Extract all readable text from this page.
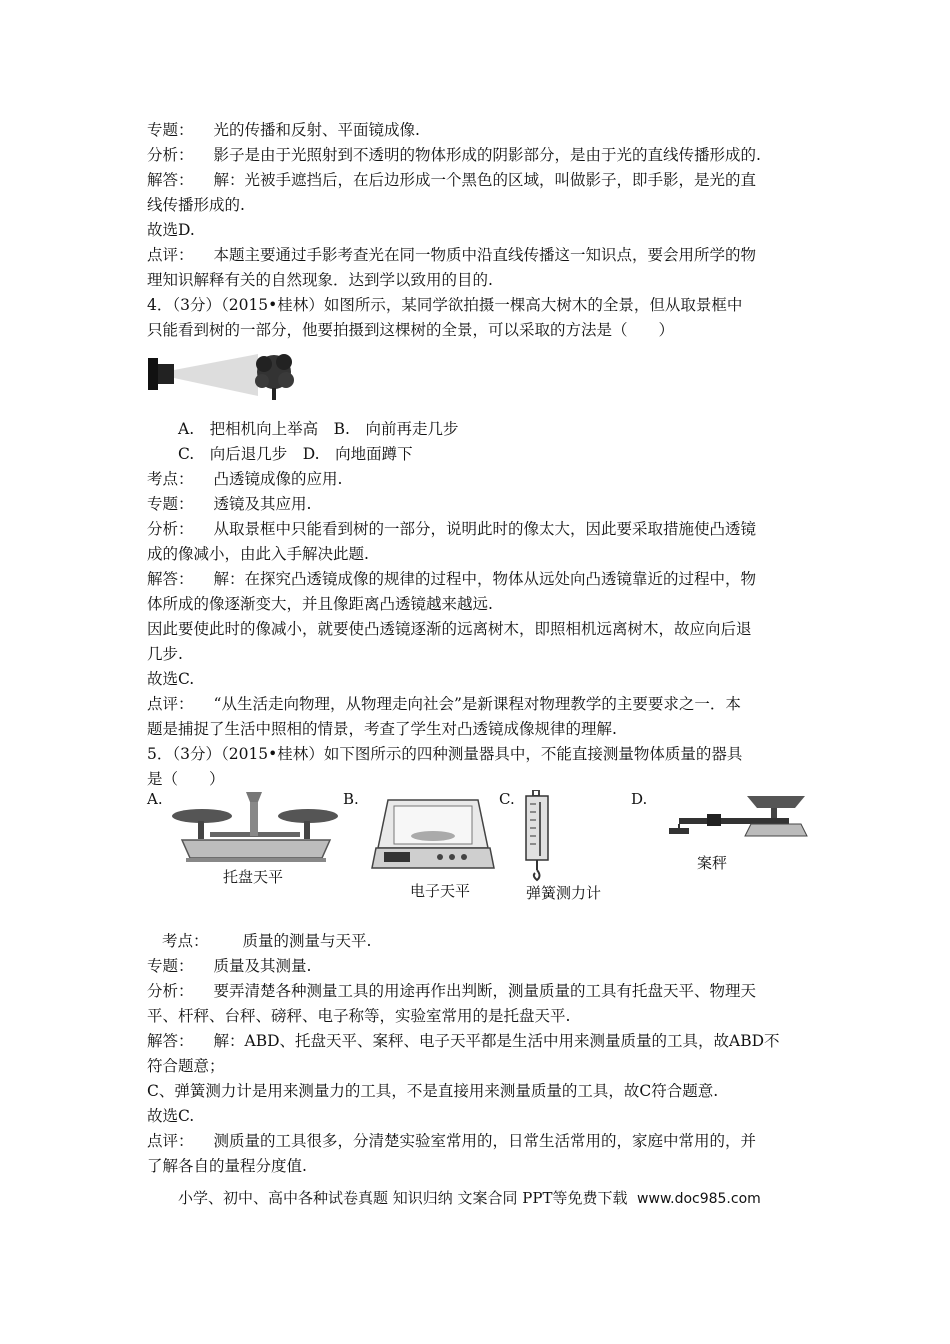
专题： 光的传播和反射、平面镜成像.
分析： 影子是由于光照射到不透明的物体形成的阴影部分，是由于光的直线传播形成的.
解答： 解：光被手遮挡后，在后边形成一个黑色的区域，叫做影子，即手影，是光的直
线传播形成的.
故选D.
点评： 本题主要通过手影考查光在同一物质中沿直线传播这一知识点，要会用所学的物
理知识解释有关的自然现象．达到学以致用的目的.
4．（3分）（2015•桂林）如图所示，某同学欲拍摄一棵高大树木的全景，但从取景框中
只能看到树的一部分，他要拍摄到这棵树的全景，可以采取的方法是（　　）
A.　把相机向上举高　 B.　向前再走几步
C.　向后退几步　 D.　向地面蹲下
考点： 凸透镜成像的应用.
专题： 透镜及其应用.
分析： 从取景框中只能看到树的一部分，说明此时的像太大，因此要采取措施使凸透镜
成的像减小，由此入手解决此题.
解答： 解：在探究凸透镜成像的规律的过程中，物体从远处向凸透镜靠近的过程中，物
体所成的像逐渐变大，并且像距离凸透镜越来越远.
因此要使此时的像减小，就要使凸透镜逐渐的远离树木，即照相机远离树木，故应向后退
几步.
故选C.
点评： “从生活走向物理，从物理走向社会”是新课程对物理教学的主要要求之一．本
题是捕捉了生活中照相的情景，考查了学生对凸透镜成像规律的理解.
5．（3分）（2015•桂林）如下图所示的四种测量器具中，不能直接测量物体质量的器具
是（　　）
A.	B.	C.	D.
托盘天平
电子天平	弹簧测力计
案秤
考点： 质量的测量与天平.
专题： 质量及其测量.
分析： 要弄清楚各种测量工具的用途再作出判断，测量质量的工具有托盘天平、物理天
平、杆秤、台秤、磅秤、电子称等，实验室常用的是托盘天平.
解答： 解：ABD、托盘天平、案秤、电子天平都是生活中用来测量质量的工具，故ABD不
符合题意；
C、弹簧测力计是用来测量力的工具，不是直接用来测量质量的工具，故C符合题意.
故选C.
点评： 测质量的工具很多，分清楚实验室常用的，日常生活常用的，家庭中常用的，并
了解各自的量程分度值.
小学、初中、高中各种试卷真题 知识归纳 文案合同 PPT等免费下载 www.doc985.com
